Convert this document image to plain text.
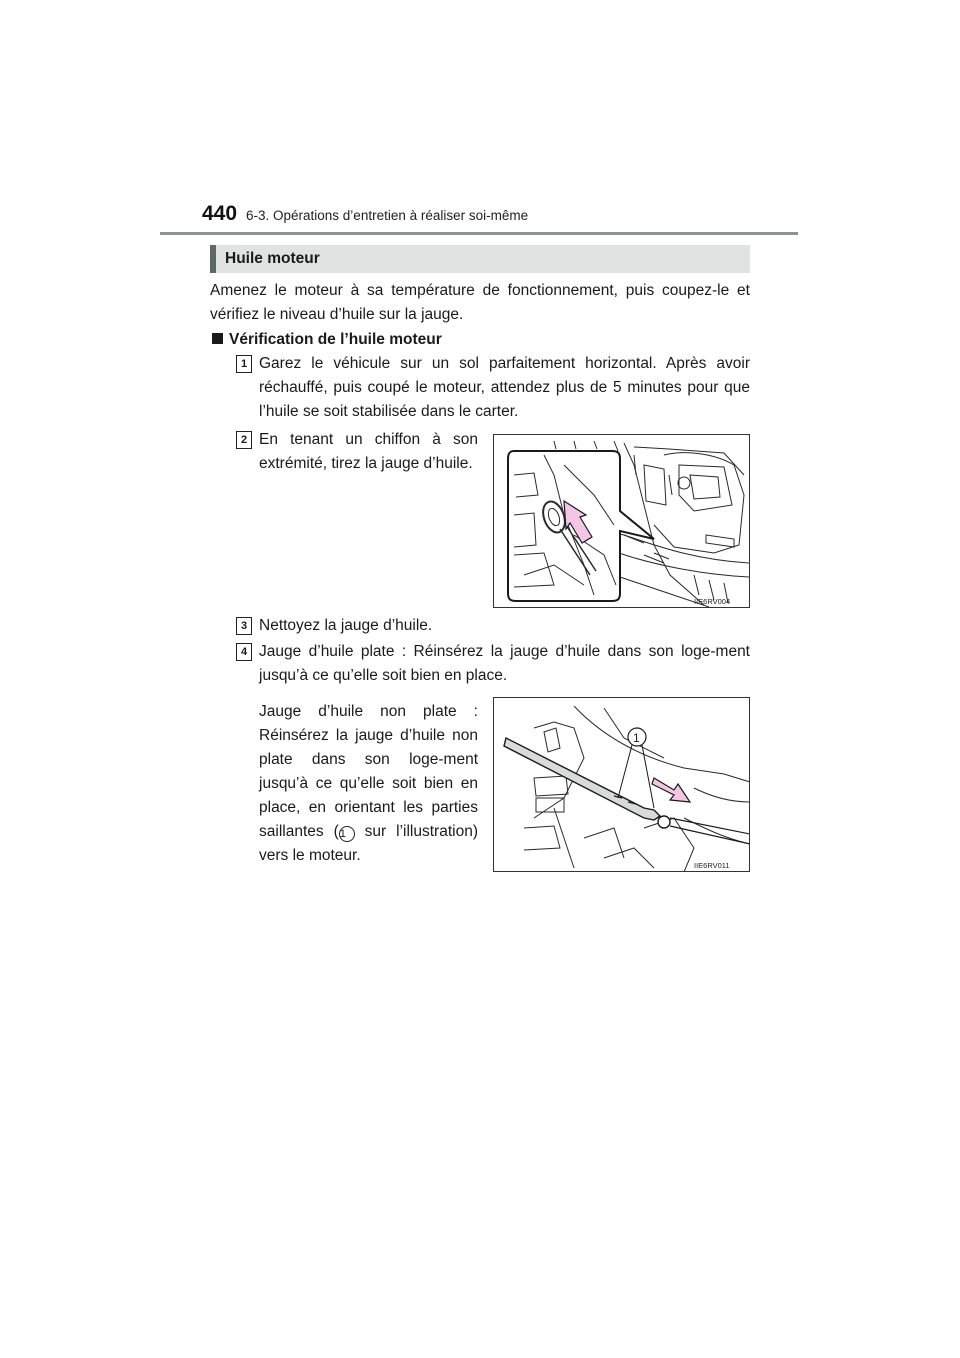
440 6-3. Opérations d’entretien à réaliser soi-même
Huile moteur
Amenez le moteur à sa température de fonctionnement, puis coupez-le et vérifiez le niveau d’huile sur la jauge.
Vérification de l’huile moteur
1 Garez le véhicule sur un sol parfaitement horizontal. Après avoir réchauffé, puis coupé le moteur, attendez plus de 5 minutes pour que l’huile se soit stabilisée dans le carter.
2 En tenant un chiffon à son extrémité, tirez la jauge d’huile.
IIE6RV004
3 Nettoyez la jauge d’huile.
4 Jauge d’huile plate : Réinsérez la jauge d’huile dans son loge-ment jusqu’à ce qu’elle soit bien en place.
Jauge d’huile non plate : Réinsérez la jauge d’huile non plate dans son loge-ment jusqu’à ce qu’elle soit bien en place, en orientant les parties saillantes (1 sur l’illustration) vers le moteur.
1
IIE6RV011
